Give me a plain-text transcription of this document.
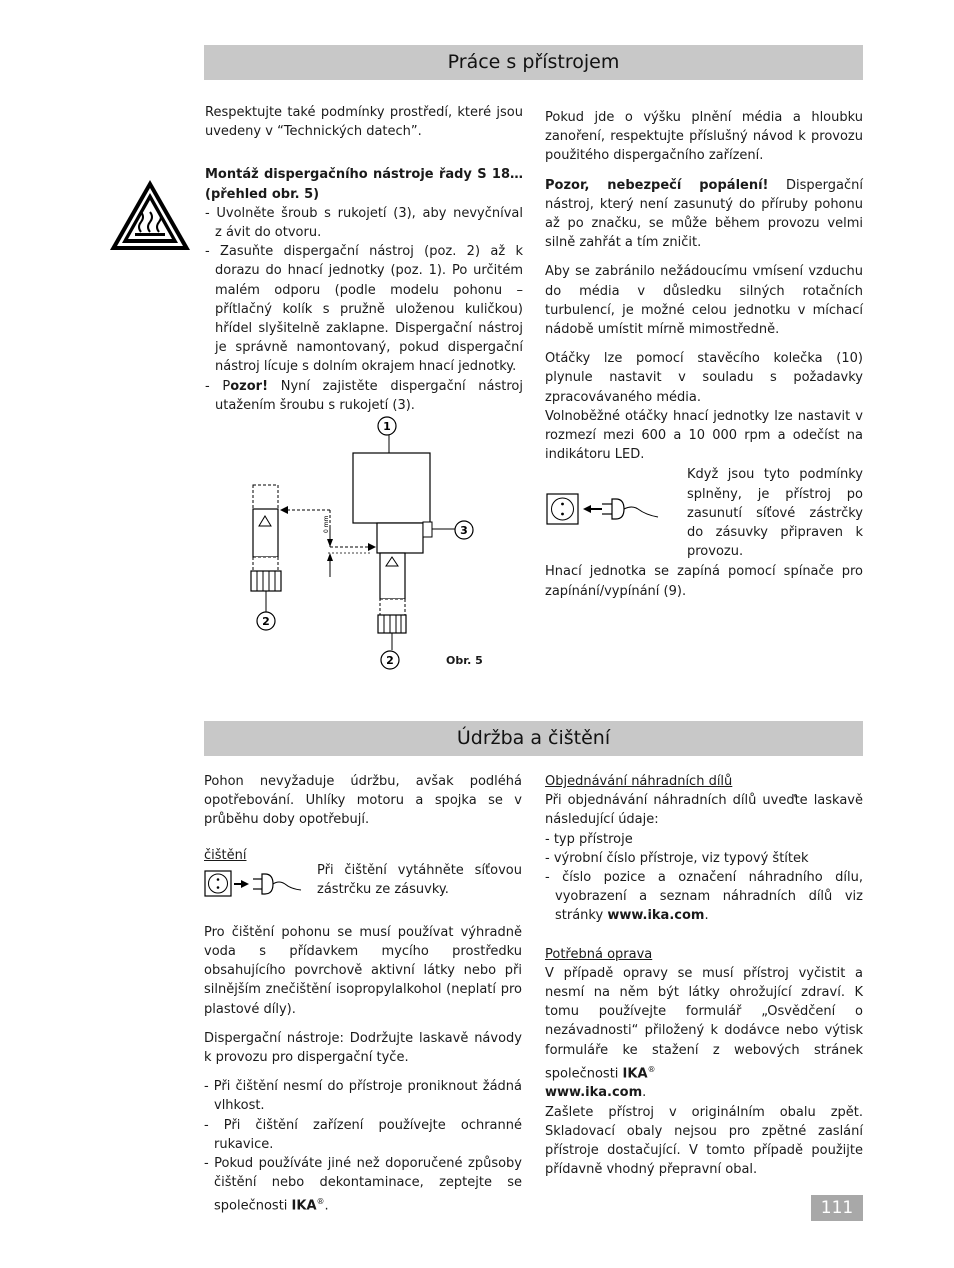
Práce s přístrojem

Respektujte také podmínky prostředí, které jsou uvedeny v “Technických datech”.

Montáž dispergačního nástroje řady S 18… (přehled obr. 5)

- Uvolněte šroub s rukojetí (3), aby nevyčníval z ávit do otvoru.

- Zasuňte dispergační nástroj (poz. 2) až k dorazu do hnací jednotky (poz. 1). Po určitém malém odporu (podle modelu pohonu – přítlačný kolík s pružně uloženou kuličkou) hřídel slyšitelně zaklapne. Dispergační nástroj je správně namontovaný, pokud dispergační nástroj lícuje s dolním okrajem hnací jednotky.

- Pozor! Nyní zajistěte dispergační nástroj utažením šroubu s rukojetí (3).

1
3
2
2
0 mm
Obr. 5

Pokud jde o výšku plnění média a hloubku zanoření, respektujte příslušný návod k provozu použitého dispergačního zařízení.

Pozor, nebezpečí popálení! Dispergační nástroj, který není zasunutý do příruby pohonu až po značku, se může během provozu velmi silně zahřát a tím zničit.

Aby se zabránilo nežádoucímu vmísení vzduchu do média v důsledku silných rotačních turbulencí, je možné celou jednotku v míchací nádobě umístit mírně mimostředně.

Otáčky lze pomocí stavěcího kolečka (10) plynule nastavit v souladu s požadavky zpracovávaného média.

Volnoběžné otáčky hnací jednotky lze nastavit v rozmezí mezi 600 a 10 000 rpm a odečíst na indikátoru LED.

Když jsou tyto podmínky splněny, je přístroj po zasunutí síťové zástrčky do zásuvky připraven k provozu.

Hnací jednotka se zapíná pomocí spínače pro zapínání/vypínání (9).

Údržba a čištění

Pohon nevyžaduje údržbu, avšak podléhá opotřebování. Uhlíky motoru a spojka se v průběhu doby opotřebují.

čištění

Při čištění vytáhněte síťovou zástrčku ze zásuvky.

Pro čištění pohonu se musí používat výhradně voda s přídavkem mycího prostředku obsahujícího povrchově aktivní látky nebo při silnějším znečištění isopropylalkohol (neplatí pro plastové díly).

Dispergační nástroje: Dodržujte laskavě návody k provozu pro dispergační tyče.

- Při čištění nesmí do přístroje proniknout žádná vlhkost.

- Při čištění zařízení používejte ochranné rukavice.

- Pokud používáte jiné než doporučené způsoby čištění nebo dekontaminace, zeptejte se společnosti IKA®.

Objednávání náhradních dílů

Při objednávání náhradních dílů uveďte laskavě následující údaje:

- typ přístroje

- výrobní číslo přístroje, viz typový štítek

- číslo pozice a označení náhradního dílu, vyobrazení a seznam náhradních dílů viz stránky www.ika.com.

Potřebná oprava

V případě opravy se musí přístroj vyčistit a nesmí na něm být látky ohrožující zdraví. K tomu používejte formulář „Osvědčení o nezávadnosti“ přiložený k dodávce nebo výtisk formuláře ke stažení z webových stránek společnosti IKA®
www.ika.com.

Zašlete přístroj v originálním obalu zpět. Skladovací obaly nejsou pro zpětné zaslání přístroje dostačující. V tomto případě použijte přídavně vhodný přepravní obal.

111
